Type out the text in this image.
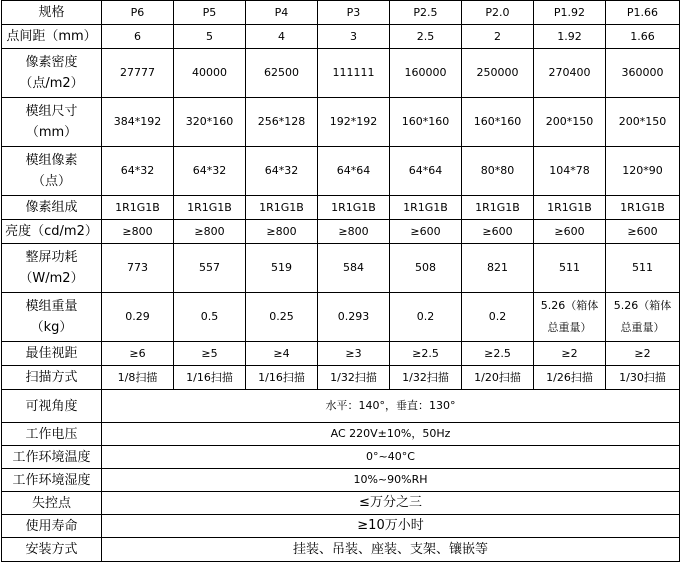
规格	P6	P5	P4	P3	P2.5	P2.0	P1.92	P1.66

点间距（mm）	6	5	4	3	2.5	2	1.92	1.66

像素密度
（点/m2）	27777	40000	62500	111111	160000	250000	270400	360000

模组尺寸
（mm）	384*192	320*160	256*128	192*192	160*160	160*160	200*150	200*150

模组像素
（点）	64*32	64*32	64*32	64*64	64*64	80*80	104*78	120*90

像素组成	1R1G1B	1R1G1B	1R1G1B	1R1G1B	1R1G1B	1R1G1B	1R1G1B	1R1G1B

亮度（cd/m2）	≥800	≥800	≥800	≥800	≥600	≥600	≥600	≥600

整屏功耗
（W/m2）	773	557	519	584	508	821	511	511

模组重量
（kg）	0.29	0.5	0.25	0.293	0.2	0.2	5.26（箱体
总重量）	5.26（箱体
总重量）

最佳视距	≥6	≥5	≥4	≥3	≥2.5	≥2.5	≥2	≥2

扫描方式	1/8扫描	1/16扫描	1/16扫描	1/32扫描	1/32扫描	1/20扫描	1/26扫描	1/30扫描

可视角度	水平：140°，垂直：130°							
工作电压	AC 220V±10%，50Hz							
工作环境温度	0°~40°C							
工作环境湿度	10%~90%RH							
失控点	≤万分之三							
使用寿命	≥10万小时							
安装方式	挂装、吊装、座装、支架、镶嵌等							
